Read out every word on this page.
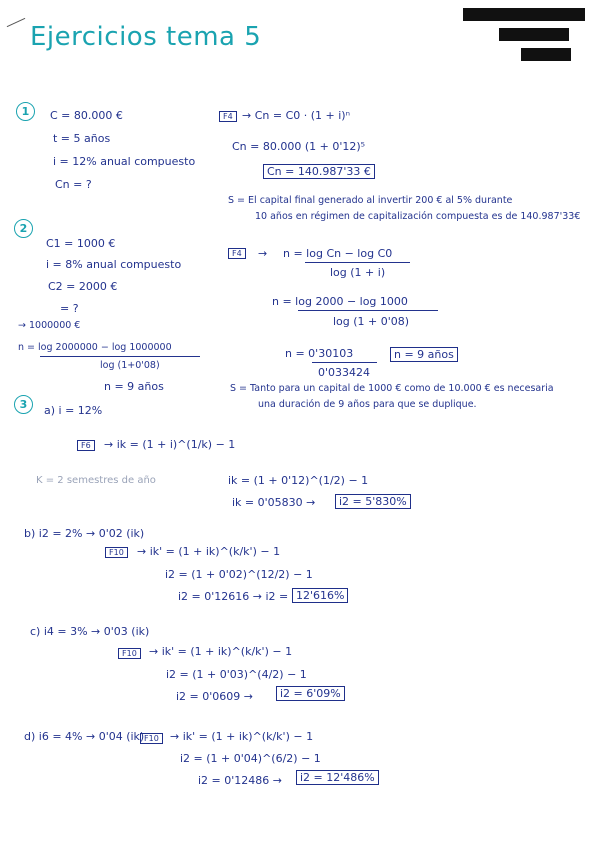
Ejercicios tema 5
1	C = 80.000 €
t = 5 años
i = 12% anual compuesto
Cn = ?
F4 → Cn = C0 · (1 + i)ⁿ
Cn = 80.000 (1 + 0'12)⁵
Cn = 140.987'33 €
S = El capital final generado al invertir 200 € al 5% durante
10 años en régimen de capitalización compuesta es de 140.987'33€
2
C1 = 1000 €
i = 8% anual compuesto
C2 = 2000 €
= ?
→ 1000000 €
n = log 2000000 − log 1000000
log (1+0'08)
n = 9 años
F4	→ n = log Cn − log C0
log (1 + i)
n = log 2000 − log 1000
log (1 + 0'08)
n = 0'30103
0'033424
n = 9 años
S = Tanto para un capital de 1000 € como de 10.000 € es necesaria
una duración de 9 años para que se duplique.
3	a) i = 12%
F6	→ ik = (1 + i)^(1/k) − 1
K = 2 semestres de año	ik = (1 + 0'12)^(1/2) − 1
ik = 0'05830 →	i2 = 5'830%
b) i2 = 2% → 0'02 (ik)
F10	→ ik' = (1 + ik)^(k/k') − 1
i2 = (1 + 0'02)^(12/2) − 1
i2 = 0'12616 → i2 = 12'616%
c) i4 = 3% → 0'03 (ik)
F10	→ ik' = (1 + ik)^(k/k') − 1
i2 = (1 + 0'03)^(4/2) − 1
i2 = 0'0609 →	i2 = 6'09%
d) i6 = 4% → 0'04 (ik) F10	→ ik' = (1 + ik)^(k/k') − 1
i2 = (1 + 0'04)^(6/2) − 1
i2 = 0'12486 →	i2 = 12'486%
